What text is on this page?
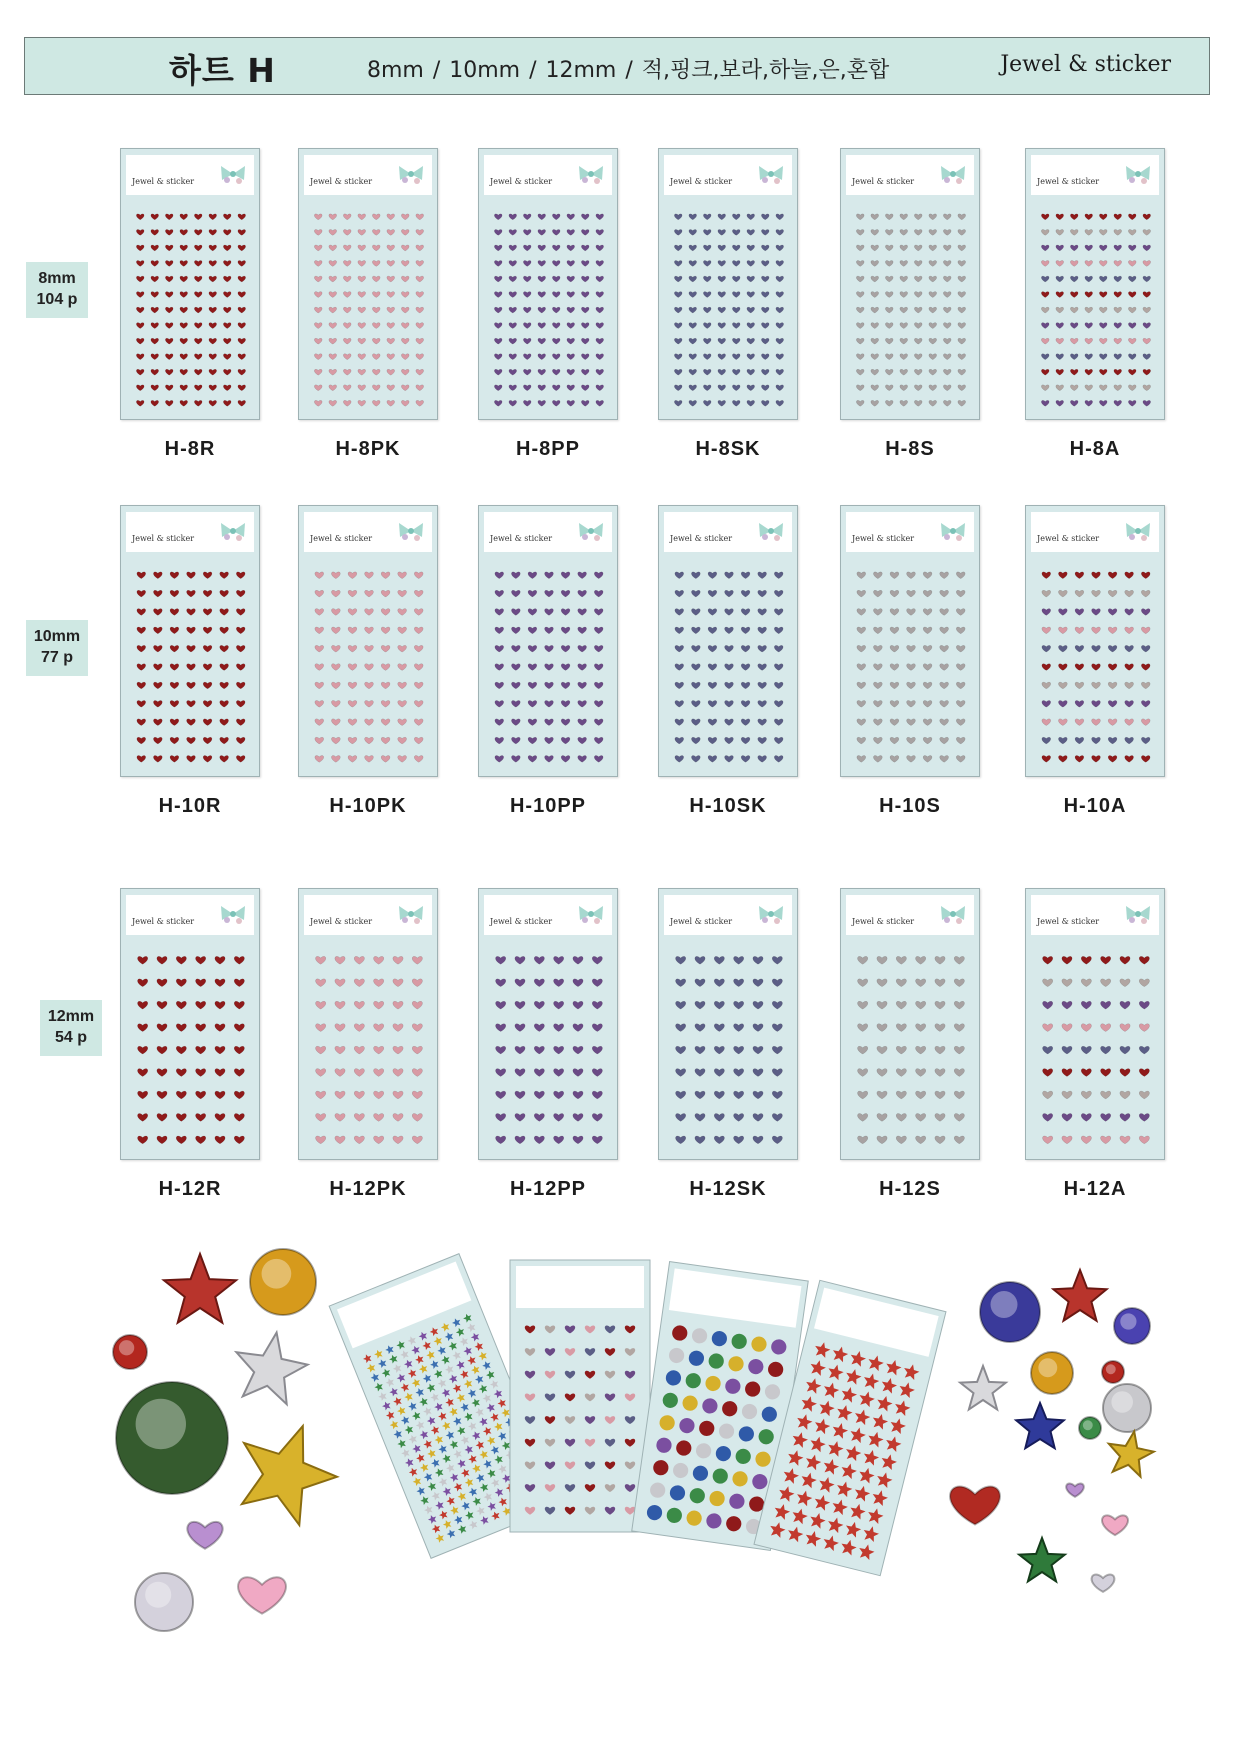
하트 H	8mm / 10mm / 12mm / 적,핑크,보라,하늘,은,혼합	Jewel & sticker
8mm
104 p
Jewel & sticker
H-8R
Jewel & sticker
H-8PK
Jewel & sticker
H-8PP
Jewel & sticker
H-8SK
Jewel & sticker
H-8S
Jewel & sticker
H-8A
10mm
77 p
Jewel & sticker
H-10R
Jewel & sticker
H-10PK
Jewel & sticker
H-10PP
Jewel & sticker
H-10SK
Jewel & sticker
H-10S
Jewel & sticker
H-10A
12mm
54 p
Jewel & sticker
H-12R
Jewel & sticker
H-12PK
Jewel & sticker
H-12PP
Jewel & sticker
H-12SK
Jewel & sticker
H-12S
Jewel & sticker
H-12A
